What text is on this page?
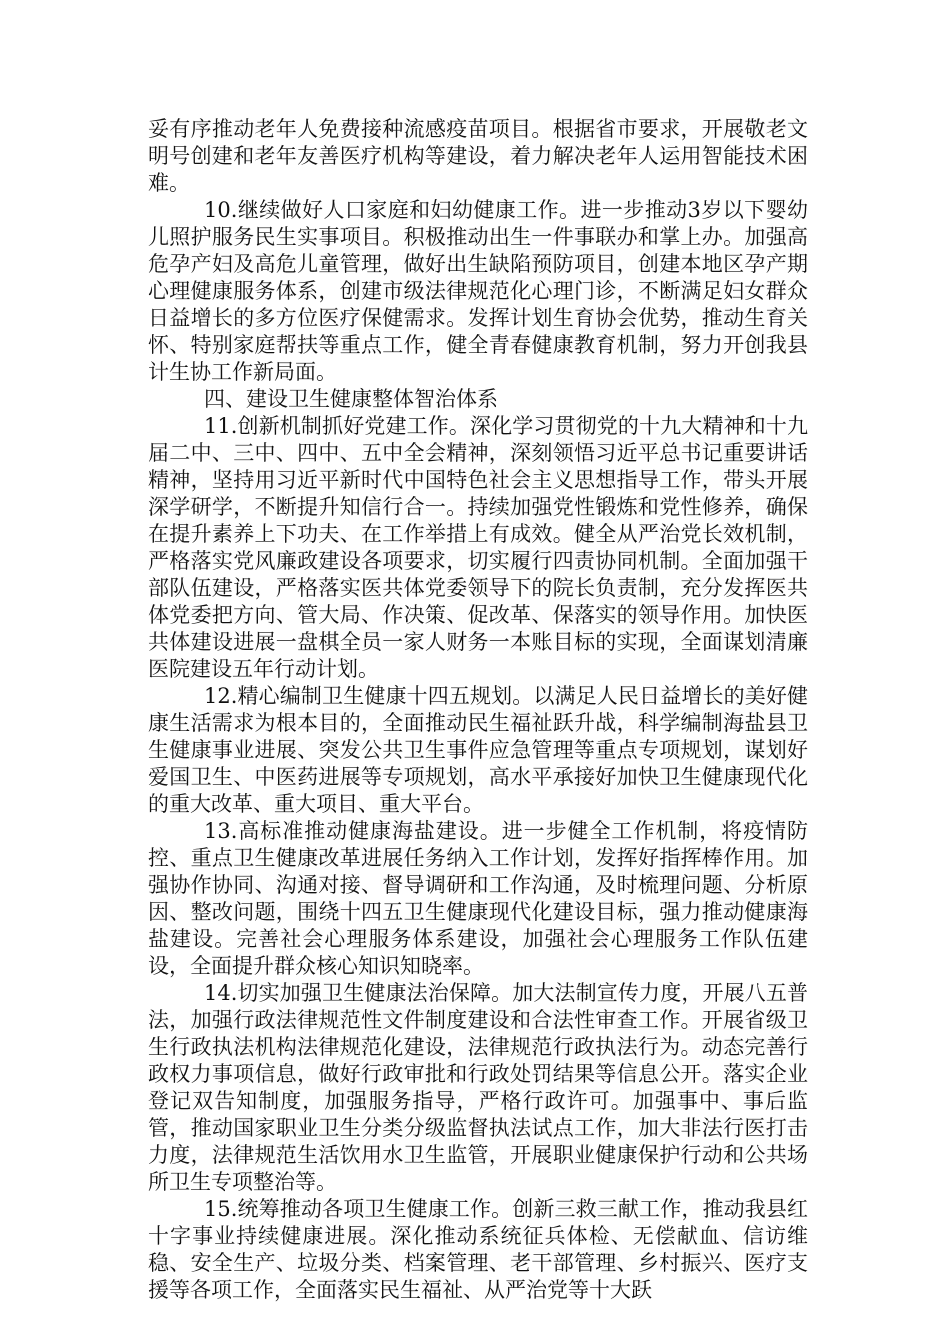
妥有序推动老年人免费接种流感疫苗项目。根据省市要求，开展敬老文明号创建和老年友善医疗机构等建设，着力解决老年人运用智能技术困难。

10.继续做好人口家庭和妇幼健康工作。进一步推动3岁以下婴幼儿照护服务民生实事项目。积极推动出生一件事联办和掌上办。加强高危孕产妇及高危儿童管理，做好出生缺陷预防项目，创建本地区孕产期心理健康服务体系，创建市级法律规范化心理门诊，不断满足妇女群众日益增长的多方位医疗保健需求。发挥计划生育协会优势，推动生育关怀、特别家庭帮扶等重点工作，健全青春健康教育机制，努力开创我县计生协工作新局面。

四、建设卫生健康整体智治体系

11.创新机制抓好党建工作。深化学习贯彻党的十九大精神和十九届二中、三中、四中、五中全会精神，深刻领悟习近平总书记重要讲话精神，坚持用习近平新时代中国特色社会主义思想指导工作，带头开展深学研学，不断提升知信行合一。持续加强党性锻炼和党性修养，确保在提升素养上下功夫、在工作举措上有成效。健全从严治党长效机制，严格落实党风廉政建设各项要求，切实履行四责协同机制。全面加强干部队伍建设，严格落实医共体党委领导下的院长负责制，充分发挥医共体党委把方向、管大局、作决策、促改革、保落实的领导作用。加快医共体建设进展一盘棋全员一家人财务一本账目标的实现，全面谋划清廉医院建设五年行动计划。

12.精心编制卫生健康十四五规划。以满足人民日益增长的美好健康生活需求为根本目的，全面推动民生福祉跃升战，科学编制海盐县卫生健康事业进展、突发公共卫生事件应急管理等重点专项规划，谋划好爱国卫生、中医药进展等专项规划，高水平承接好加快卫生健康现代化的重大改革、重大项目、重大平台。

13.高标准推动健康海盐建设。进一步健全工作机制，将疫情防控、重点卫生健康改革进展任务纳入工作计划，发挥好指挥棒作用。加强协作协同、沟通对接、督导调研和工作沟通，及时梳理问题、分析原因、整改问题，围绕十四五卫生健康现代化建设目标，强力推动健康海盐建设。完善社会心理服务体系建设，加强社会心理服务工作队伍建设，全面提升群众核心知识知晓率。

14.切实加强卫生健康法治保障。加大法制宣传力度，开展八五普法，加强行政法律规范性文件制度建设和合法性审查工作。开展省级卫生行政执法机构法律规范化建设，法律规范行政执法行为。动态完善行政权力事项信息，做好行政审批和行政处罚结果等信息公开。落实企业登记双告知制度，加强服务指导，严格行政许可。加强事中、事后监管，推动国家职业卫生分类分级监督执法试点工作，加大非法行医打击力度，法律规范生活饮用水卫生监管，开展职业健康保护行动和公共场所卫生专项整治等。

15.统筹推动各项卫生健康工作。创新三救三献工作，推动我县红十字事业持续健康进展。深化推动系统征兵体检、无偿献血、信访维稳、安全生产、垃圾分类、档案管理、老干部管理、乡村振兴、医疗支援等各项工作，全面落实民生福祉、从严治党等十大跃
